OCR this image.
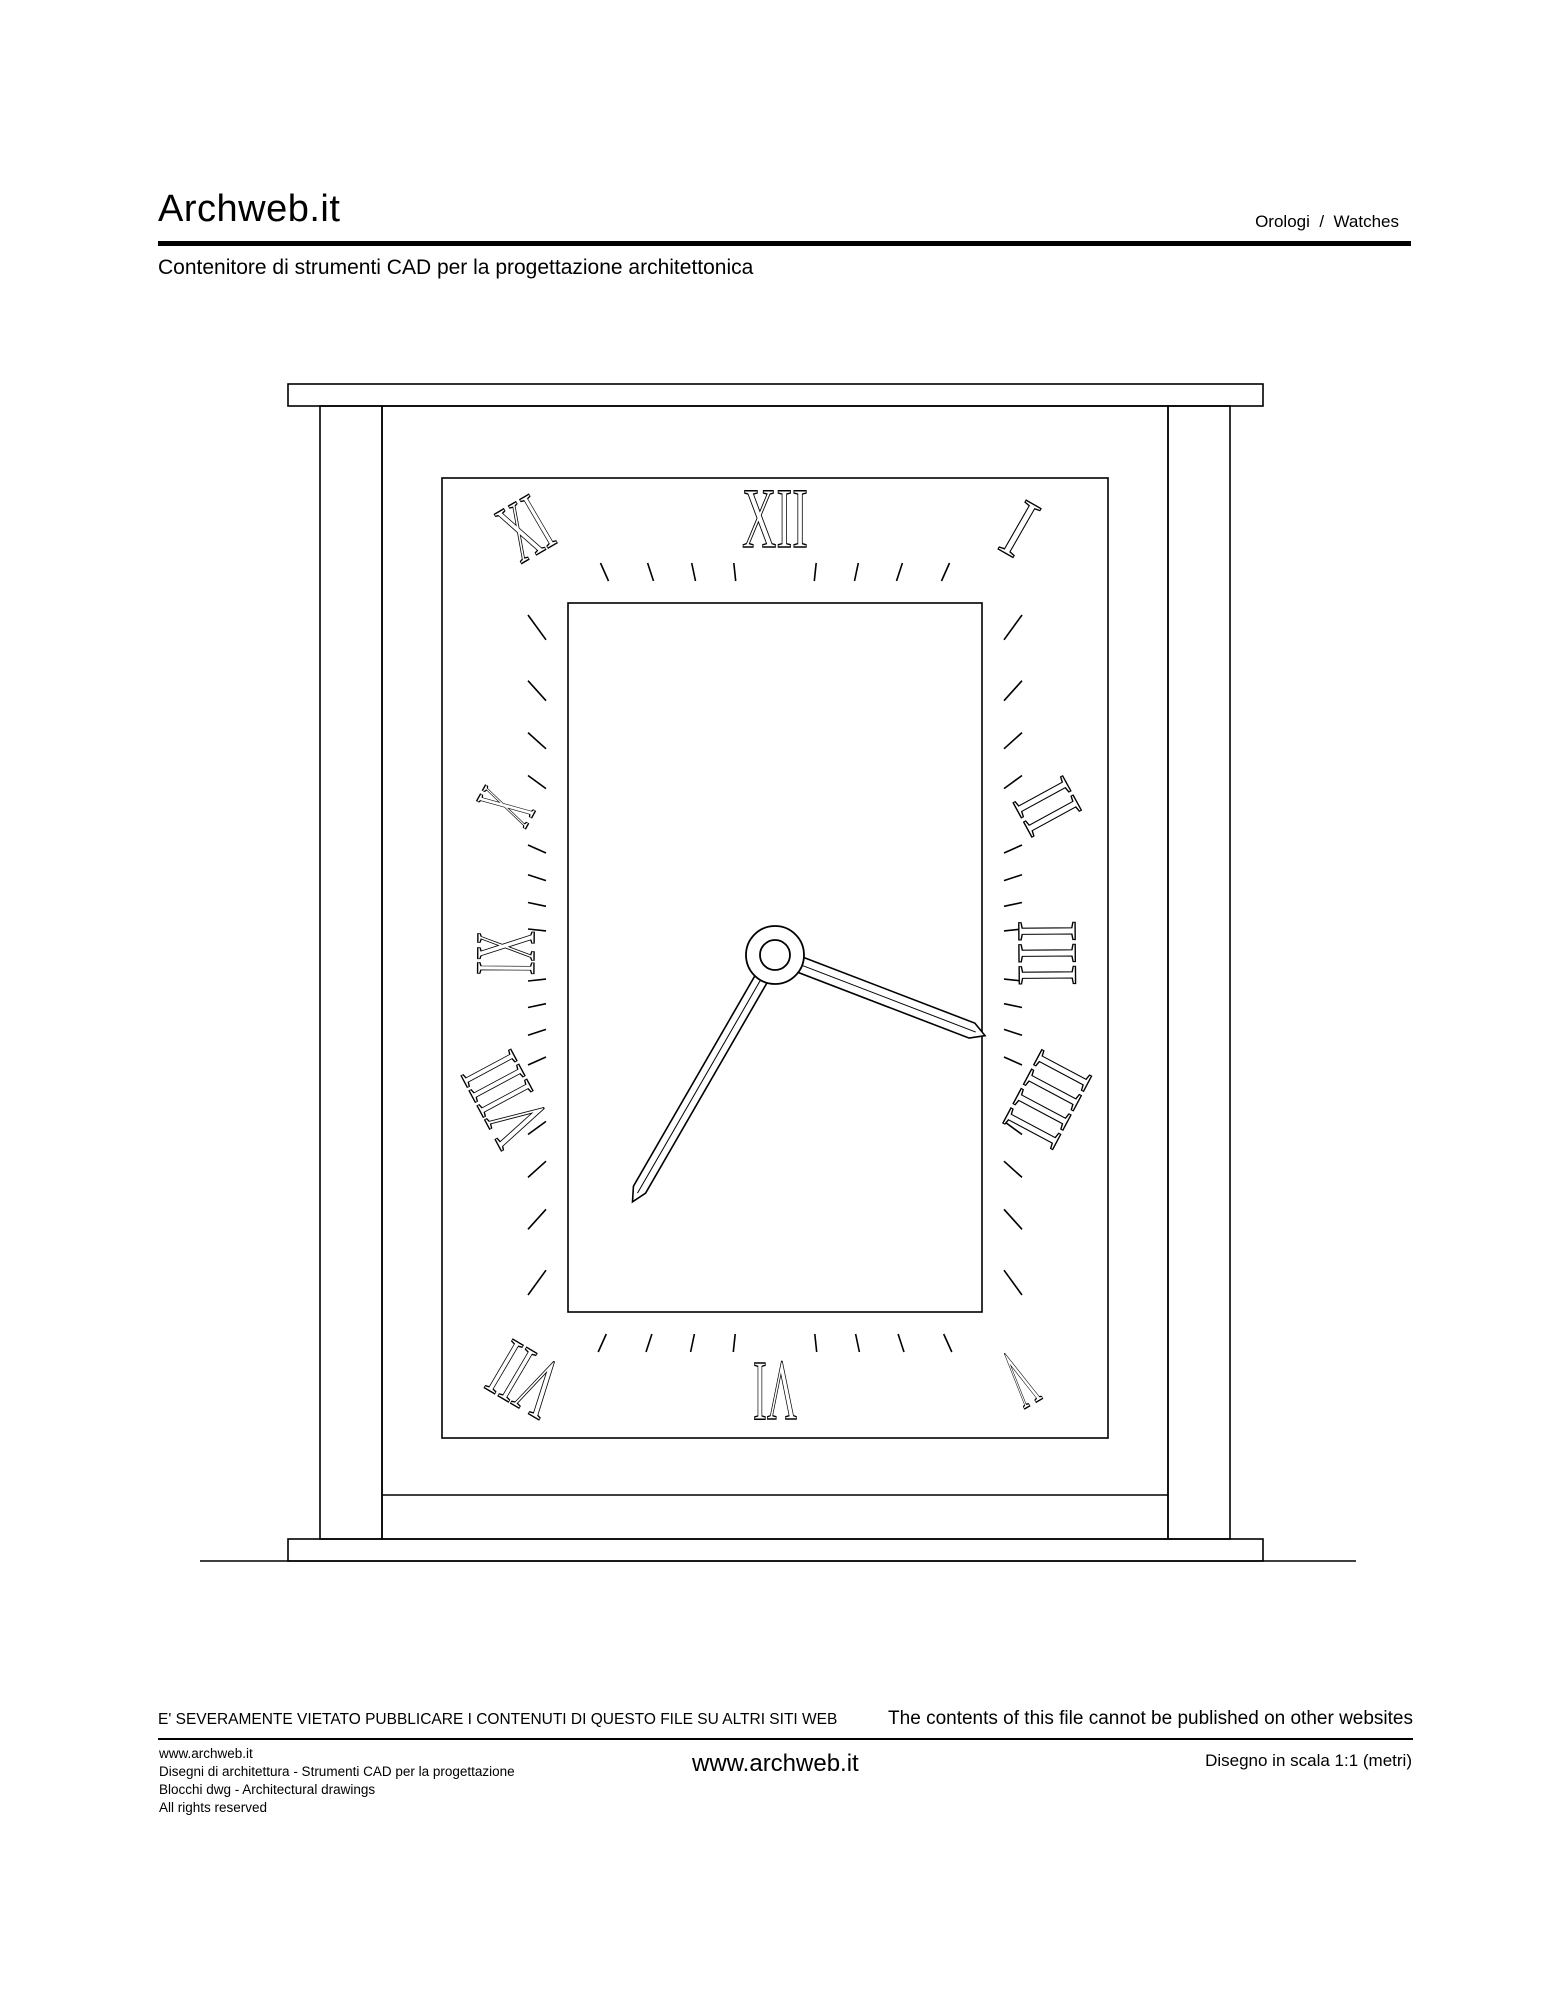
Archweb.it	Orologi  /  Watches
Contenitore di strumenti CAD per la progettazione architettonica
I
II
III
IIII
V
VI
VII
VIII
IX
X
XI XII
E' SEVERAMENTE VIETATO PUBBLICARE I CONTENUTI DI QUESTO FILE SU ALTRI SITI WEB	The contents of this file cannot be published on other websites
www.archweb.it
Disegni di architettura - Strumenti CAD per la progettazione
Blocchi dwg - Architectural drawings
All rights reserved
www.archweb.it	Disegno in scala 1:1 (metri)
